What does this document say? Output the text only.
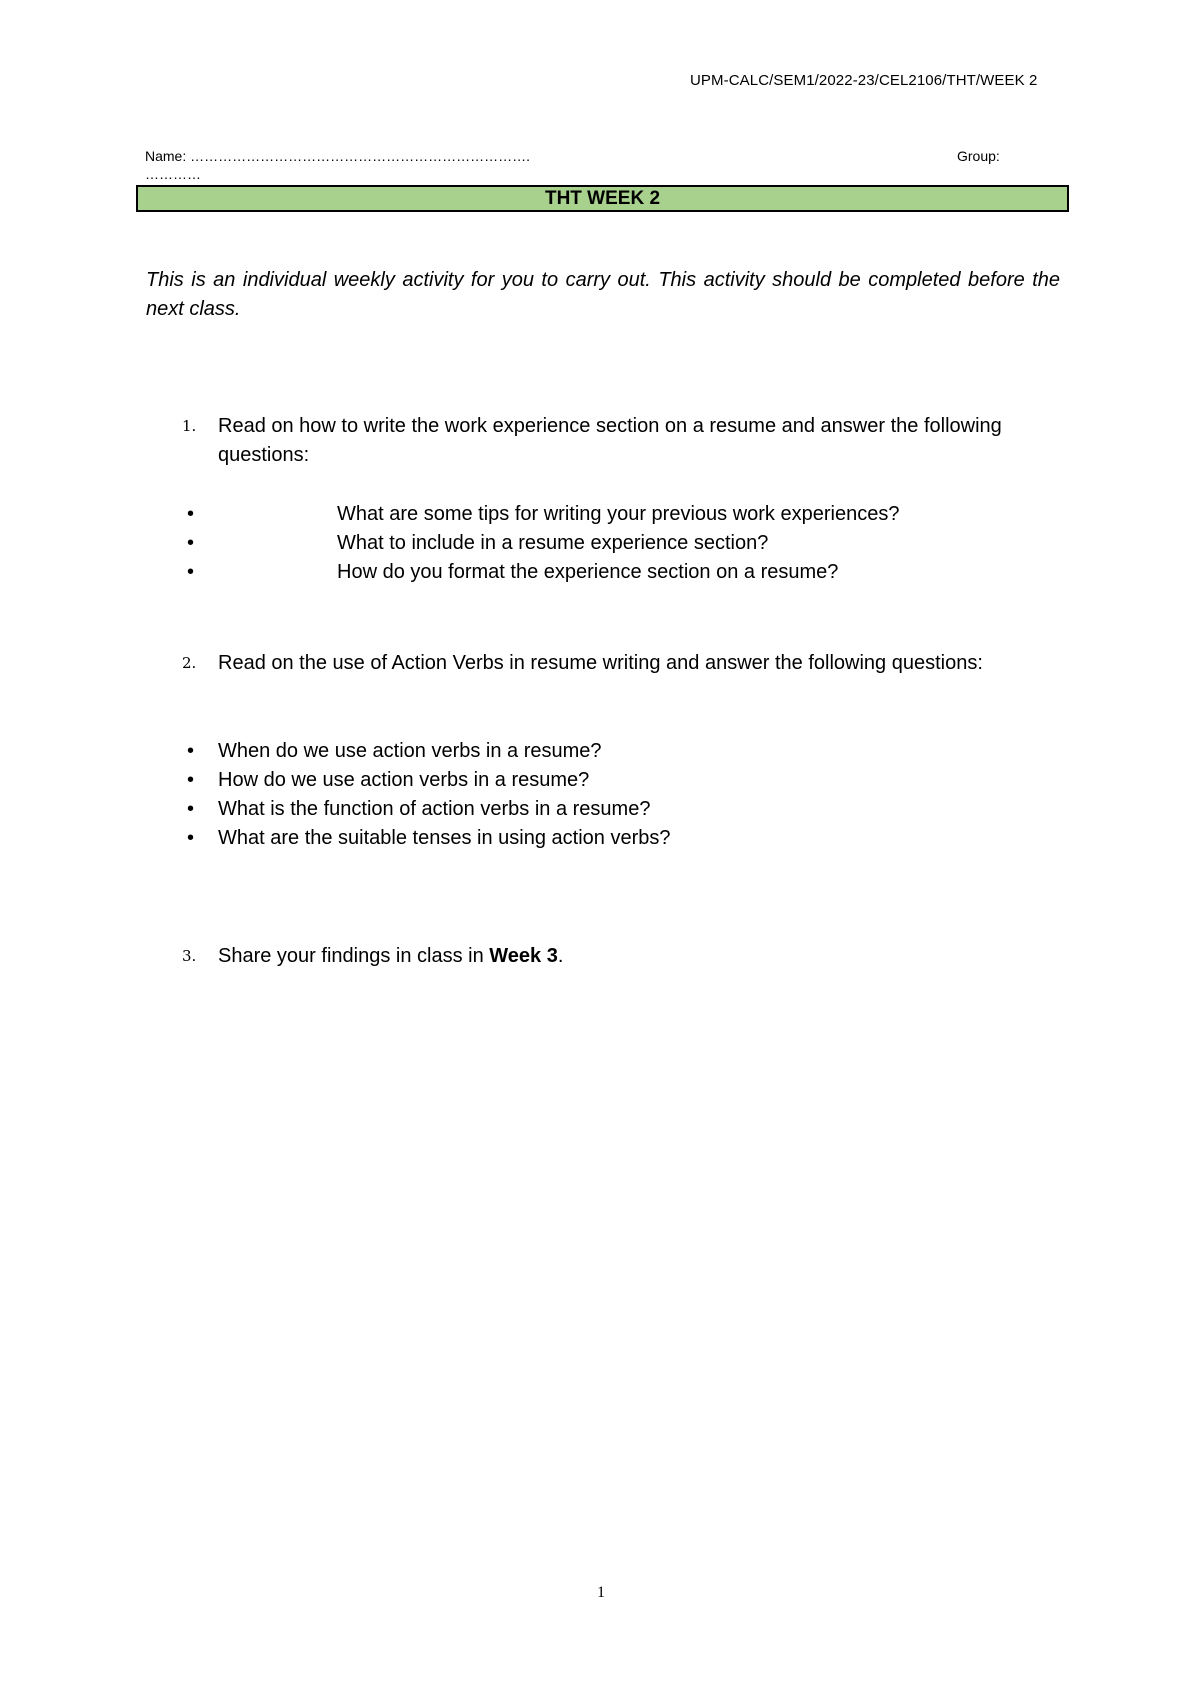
UPM-CALC/SEM1/2022-23/CEL2106/THT/WEEK 2
Name: ……………………………………………………………….
…………
Group:
THT WEEK 2
This is an individual weekly activity for you to carry out. This activity should be completed before the next class.
1. Read on how to write the work experience section on a resume and answer the following questions:
•	What are some tips for writing your previous work experiences?
•	What to include in a resume experience section?
•	How do you format the experience section on a resume?
2. Read on the use of Action Verbs in resume writing and answer the following questions:
• When do we use action verbs in a resume?
• How do we use action verbs in a resume?
• What is the function of action verbs in a resume?
• What are the suitable tenses in using action verbs?
3. Share your findings in class in Week 3.
1
